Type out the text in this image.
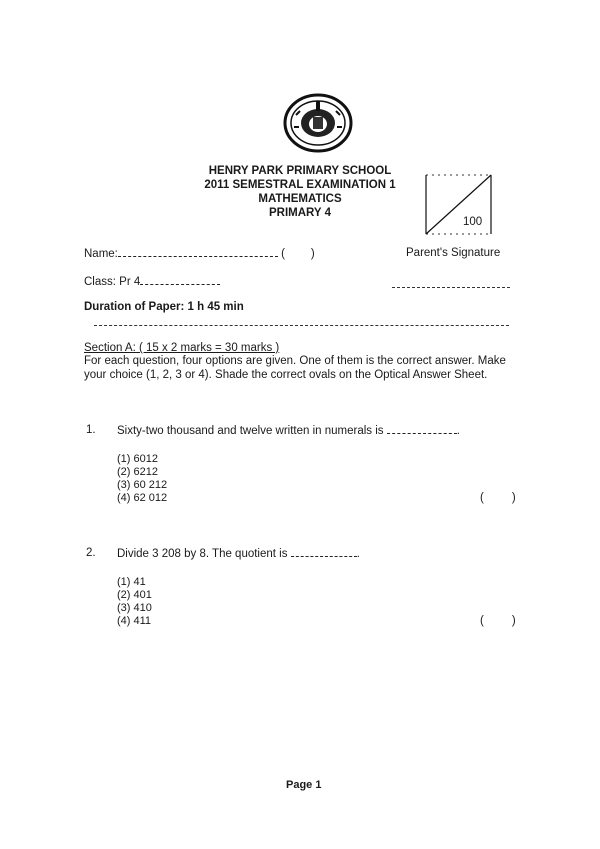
HENRY PARK PRIMARY SCHOOL
2011 SEMESTRAL EXAMINATION 1
MATHEMATICS
PRIMARY 4
100
Name:	( )	Parent's Signature
Class: Pr 4
Duration of Paper: 1 h 45 min
Section A: ( 15 x 2 marks = 30 marks )
For each question, four options are given. One of them is the correct answer. Make your choice (1, 2, 3 or 4). Shade the correct ovals on the Optical Answer Sheet.
1. Sixty-two thousand and twelve written in numerals is	.
(1) 6012
(2) 6212
(3) 60 212
(4) 62 012	( )
2. Divide 3 208 by 8. The quotient is	.
(1) 41
(2) 401
(3) 410
(4) 411	( )
Page 1
